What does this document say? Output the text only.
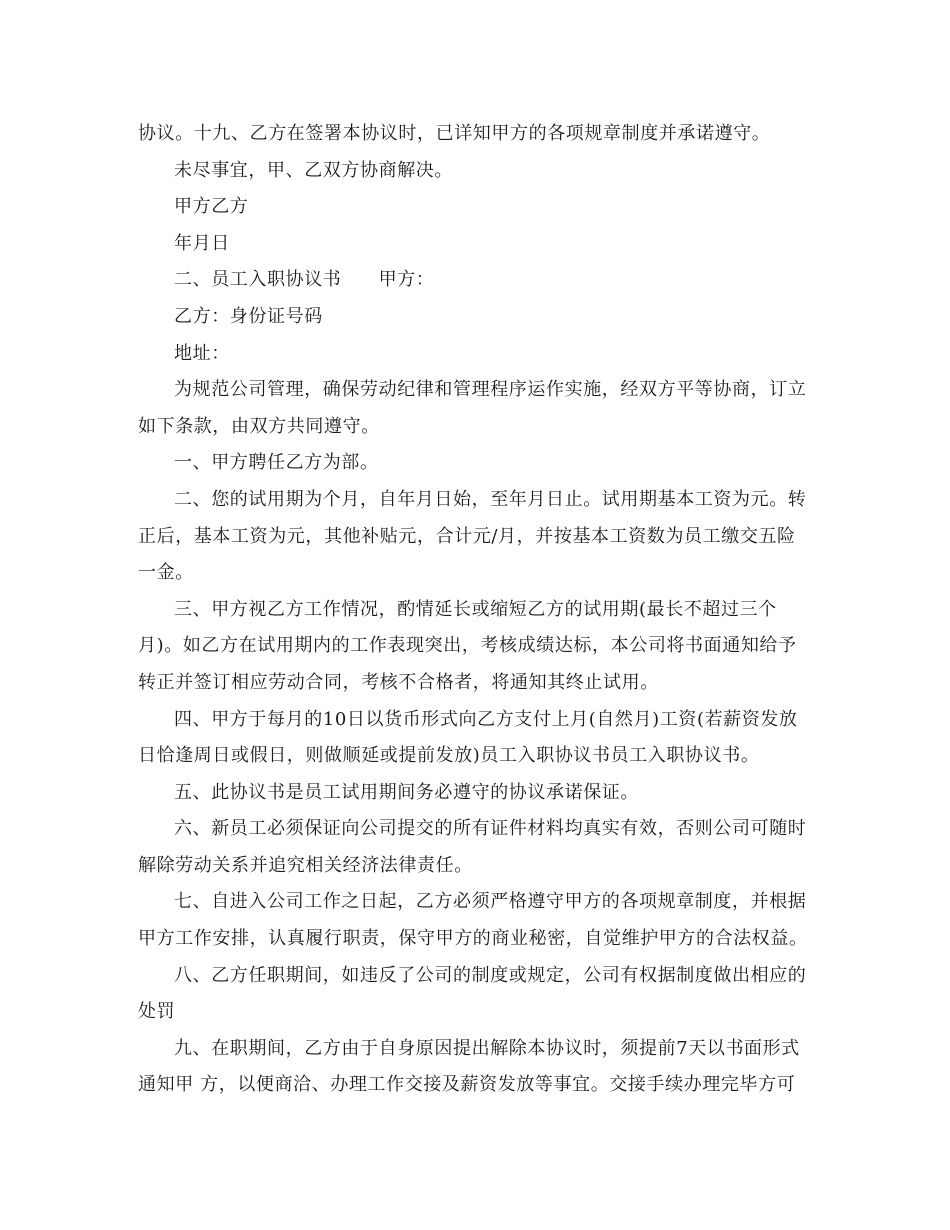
协议。十九、乙方在签署本协议时，已详知甲方的各项规章制度并承诺遵守。
未尽事宜，甲、乙双方协商解决。
甲方乙方
年月日
二、员工入职协议书　　甲方：
乙方：身份证号码
地址：
为规范公司管理，确保劳动纪律和管理程序运作实施，经双方平等协商，订立
如下条款，由双方共同遵守。
一、甲方聘任乙方为部。
二、您的试用期为个月，自年月日始，至年月日止。试用期基本工资为元。转
正后，基本工资为元，其他补贴元，合计元/月，并按基本工资数为员工缴交五险
一金。
三、甲方视乙方工作情况，酌情延长或缩短乙方的试用期(最长不超过三个
月)。如乙方在试用期内的工作表现突出，考核成绩达标，本公司将书面通知给予
转正并签订相应劳动合同，考核不合格者，将通知其终止试用。
四、甲方于每月的10日以货币形式向乙方支付上月(自然月)工资(若薪资发放
日恰逢周日或假日，则做顺延或提前发放)员工入职协议书员工入职协议书。
五、此协议书是员工试用期间务必遵守的协议承诺保证。
六、新员工必须保证向公司提交的所有证件材料均真实有效，否则公司可随时
解除劳动关系并追究相关经济法律责任。
七、自进入公司工作之日起，乙方必须严格遵守甲方的各项规章制度，并根据
甲方工作安排，认真履行职责，保守甲方的商业秘密，自觉维护甲方的合法权益。
八、乙方任职期间，如违反了公司的制度或规定，公司有权据制度做出相应的
处罚
九、在职期间，乙方由于自身原因提出解除本协议时，须提前7天以书面形式
通知甲 方，以便商洽、办理工作交接及薪资发放等事宜。交接手续办理完毕方可
